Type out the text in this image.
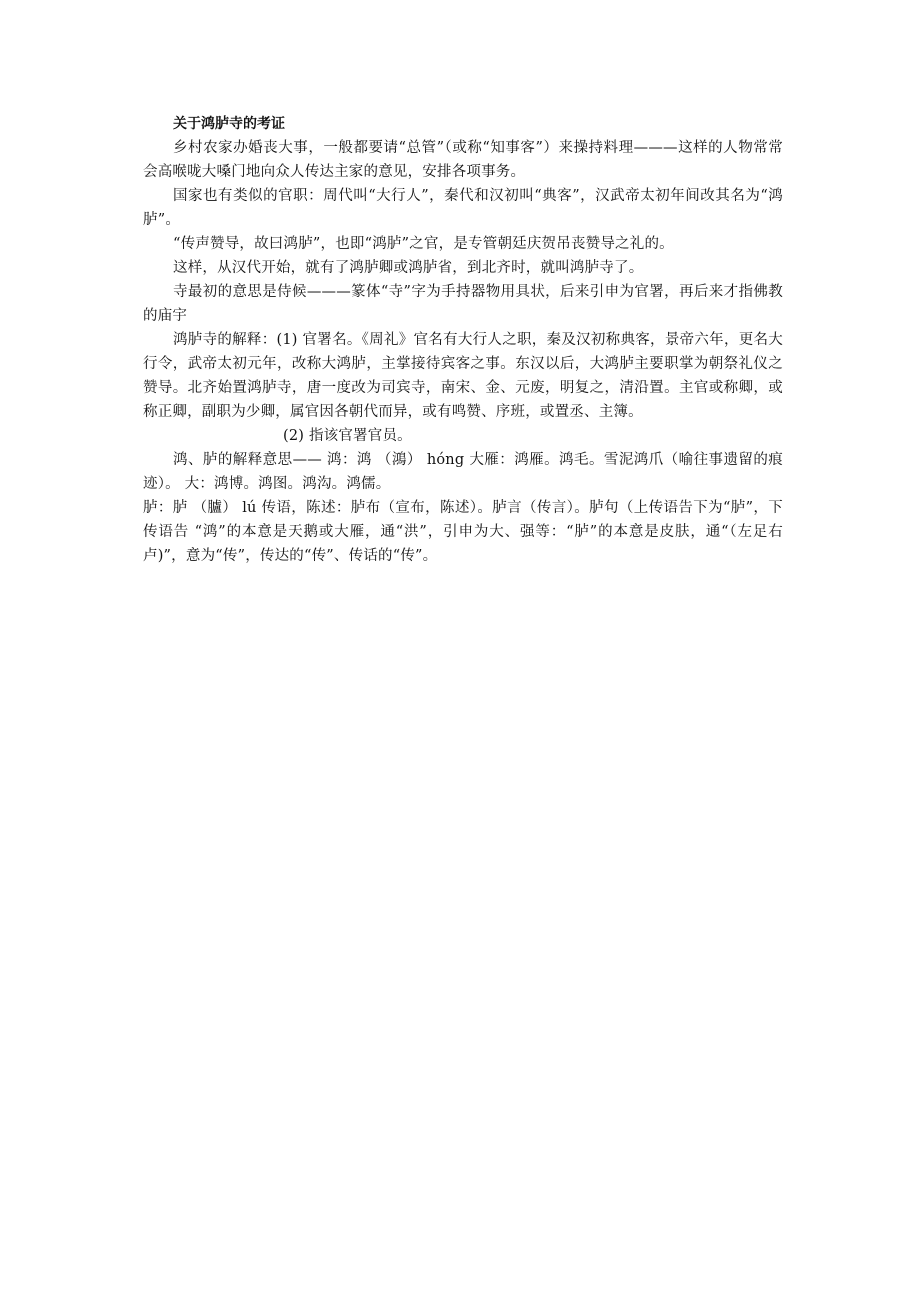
关于鸿胪寺的考证

乡村农家办婚丧大事，一般都要请“总管”（或称“知事客”）来操持料理———这样的人物常常会高喉咙大嗓门地向众人传达主家的意见，安排各项事务。

国家也有类似的官职：周代叫“大行人”，秦代和汉初叫“典客”，汉武帝太初年间改其名为“鸿胪”。

“传声赞导，故曰鸿胪”，也即“鸿胪”之官，是专管朝廷庆贺吊丧赞导之礼的。

这样，从汉代开始，就有了鸿胪卿或鸿胪省，到北齐时，就叫鸿胪寺了。

寺最初的意思是侍候———篆体“寺”字为手持器物用具状，后来引申为官署，再后来才指佛教的庙宇

鸿胪寺的解释：(1) 官署名。《周礼》官名有大行人之职，秦及汉初称典客，景帝六年，更名大行令，武帝太初元年，改称大鸿胪，主掌接待宾客之事。东汉以后，大鸿胪主要职掌为朝祭礼仪之赞导。北齐始置鸿胪寺，唐一度改为司宾寺，南宋、金、元废，明复之，清沿置。主官或称卿，或称正卿，副职为少卿，属官因各朝代而异，或有鸣赞、序班，或置丞、主簿。

(2) 指该官署官员。

鸿、胪的解释意思—— 鸿：鸿 （鴻） hóng 大雁：鸿雁。鸿毛。雪泥鸿爪（喻往事遗留的痕迹）。 大：鸿博。鸿图。鸿沟。鸿儒。

胪：胪 （臚） lú 传语，陈述：胪布（宣布，陈述）。胪言（传言）。胪句（上传语告下为“胪”，下传语告 “鸿”的本意是天鹅或大雁，通“洪”，引申为大、强等：“胪”的本意是皮肤，通“（左足右卢)”，意为“传”，传达的“传”、传话的“传”。
